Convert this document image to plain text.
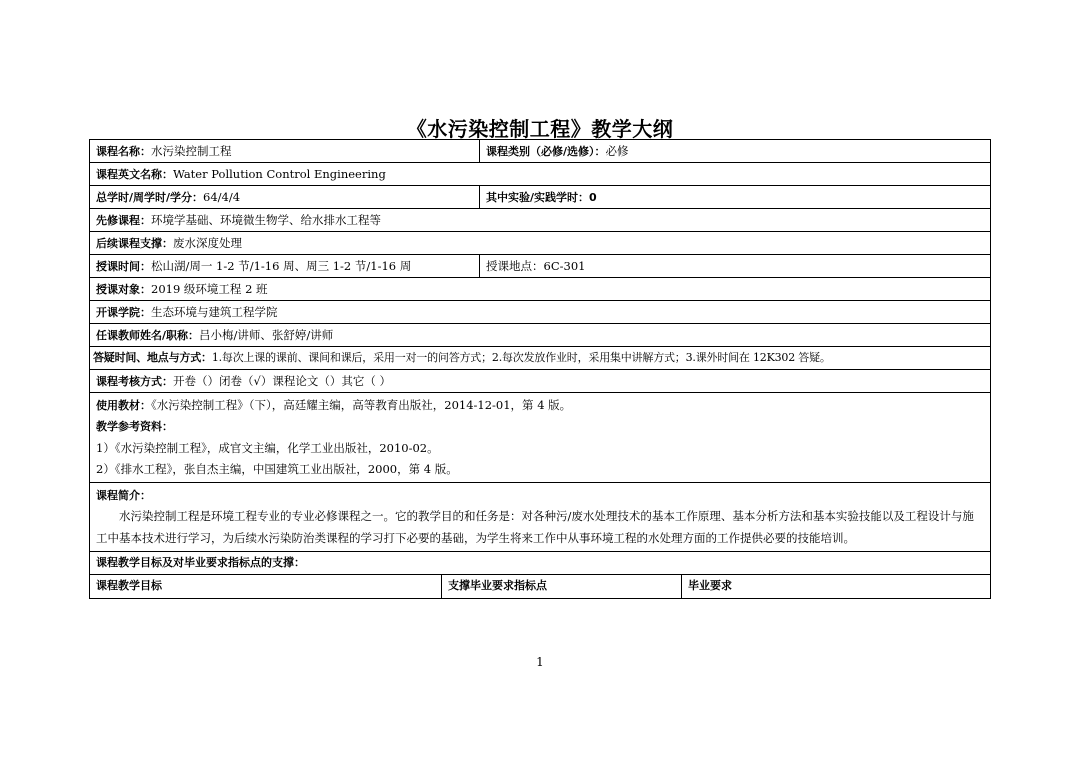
《水污染控制工程》教学大纲
课程名称：水污染控制工程	课程类别（必修/选修）：必修
课程英文名称：Water Pollution Control Engineering
总学时/周学时/学分：64/4/4	其中实验/实践学时：0
先修课程：环境学基础、环境微生物学、给水排水工程等
后续课程支撑：废水深度处理
授课时间：松山湖/周一 1-2 节/1-16 周、周三 1-2 节/1-16 周	授课地点：6C-301
授课对象：2019 级环境工程 2 班
开课学院：生态环境与建筑工程学院
任课教师姓名/职称：吕小梅/讲师、张舒婷/讲师
答疑时间、地点与方式：1.每次上课的课前、课间和课后，采用一对一的问答方式；2.每次发放作业时，采用集中讲解方式；3.课外时间在 12K302 答疑。
课程考核方式：开卷（）闭卷（√）课程论文（）其它（ ）
使用教材：《水污染控制工程》（下），高廷耀主编，高等教育出版社，2014-12-01，第 4 版。
教学参考资料：
1）《水污染控制工程》，成官文主编，化学工业出版社，2010-02。
2）《排水工程》，张自杰主编，中国建筑工业出版社，2000，第 4 版。
课程简介：
水污染控制工程是环境工程专业的专业必修课程之一。它的教学目的和任务是：对各种污/废水处理技术的基本工作原理、基本分析方法和基本实验技能以及工程设计与施工中基本技术进行学习，为后续水污染防治类课程的学习打下必要的基础，为学生将来工作中从事环境工程的水处理方面的工作提供必要的技能培训。
课程教学目标及对毕业要求指标点的支撑：
课程教学目标	支撑毕业要求指标点	毕业要求
1
